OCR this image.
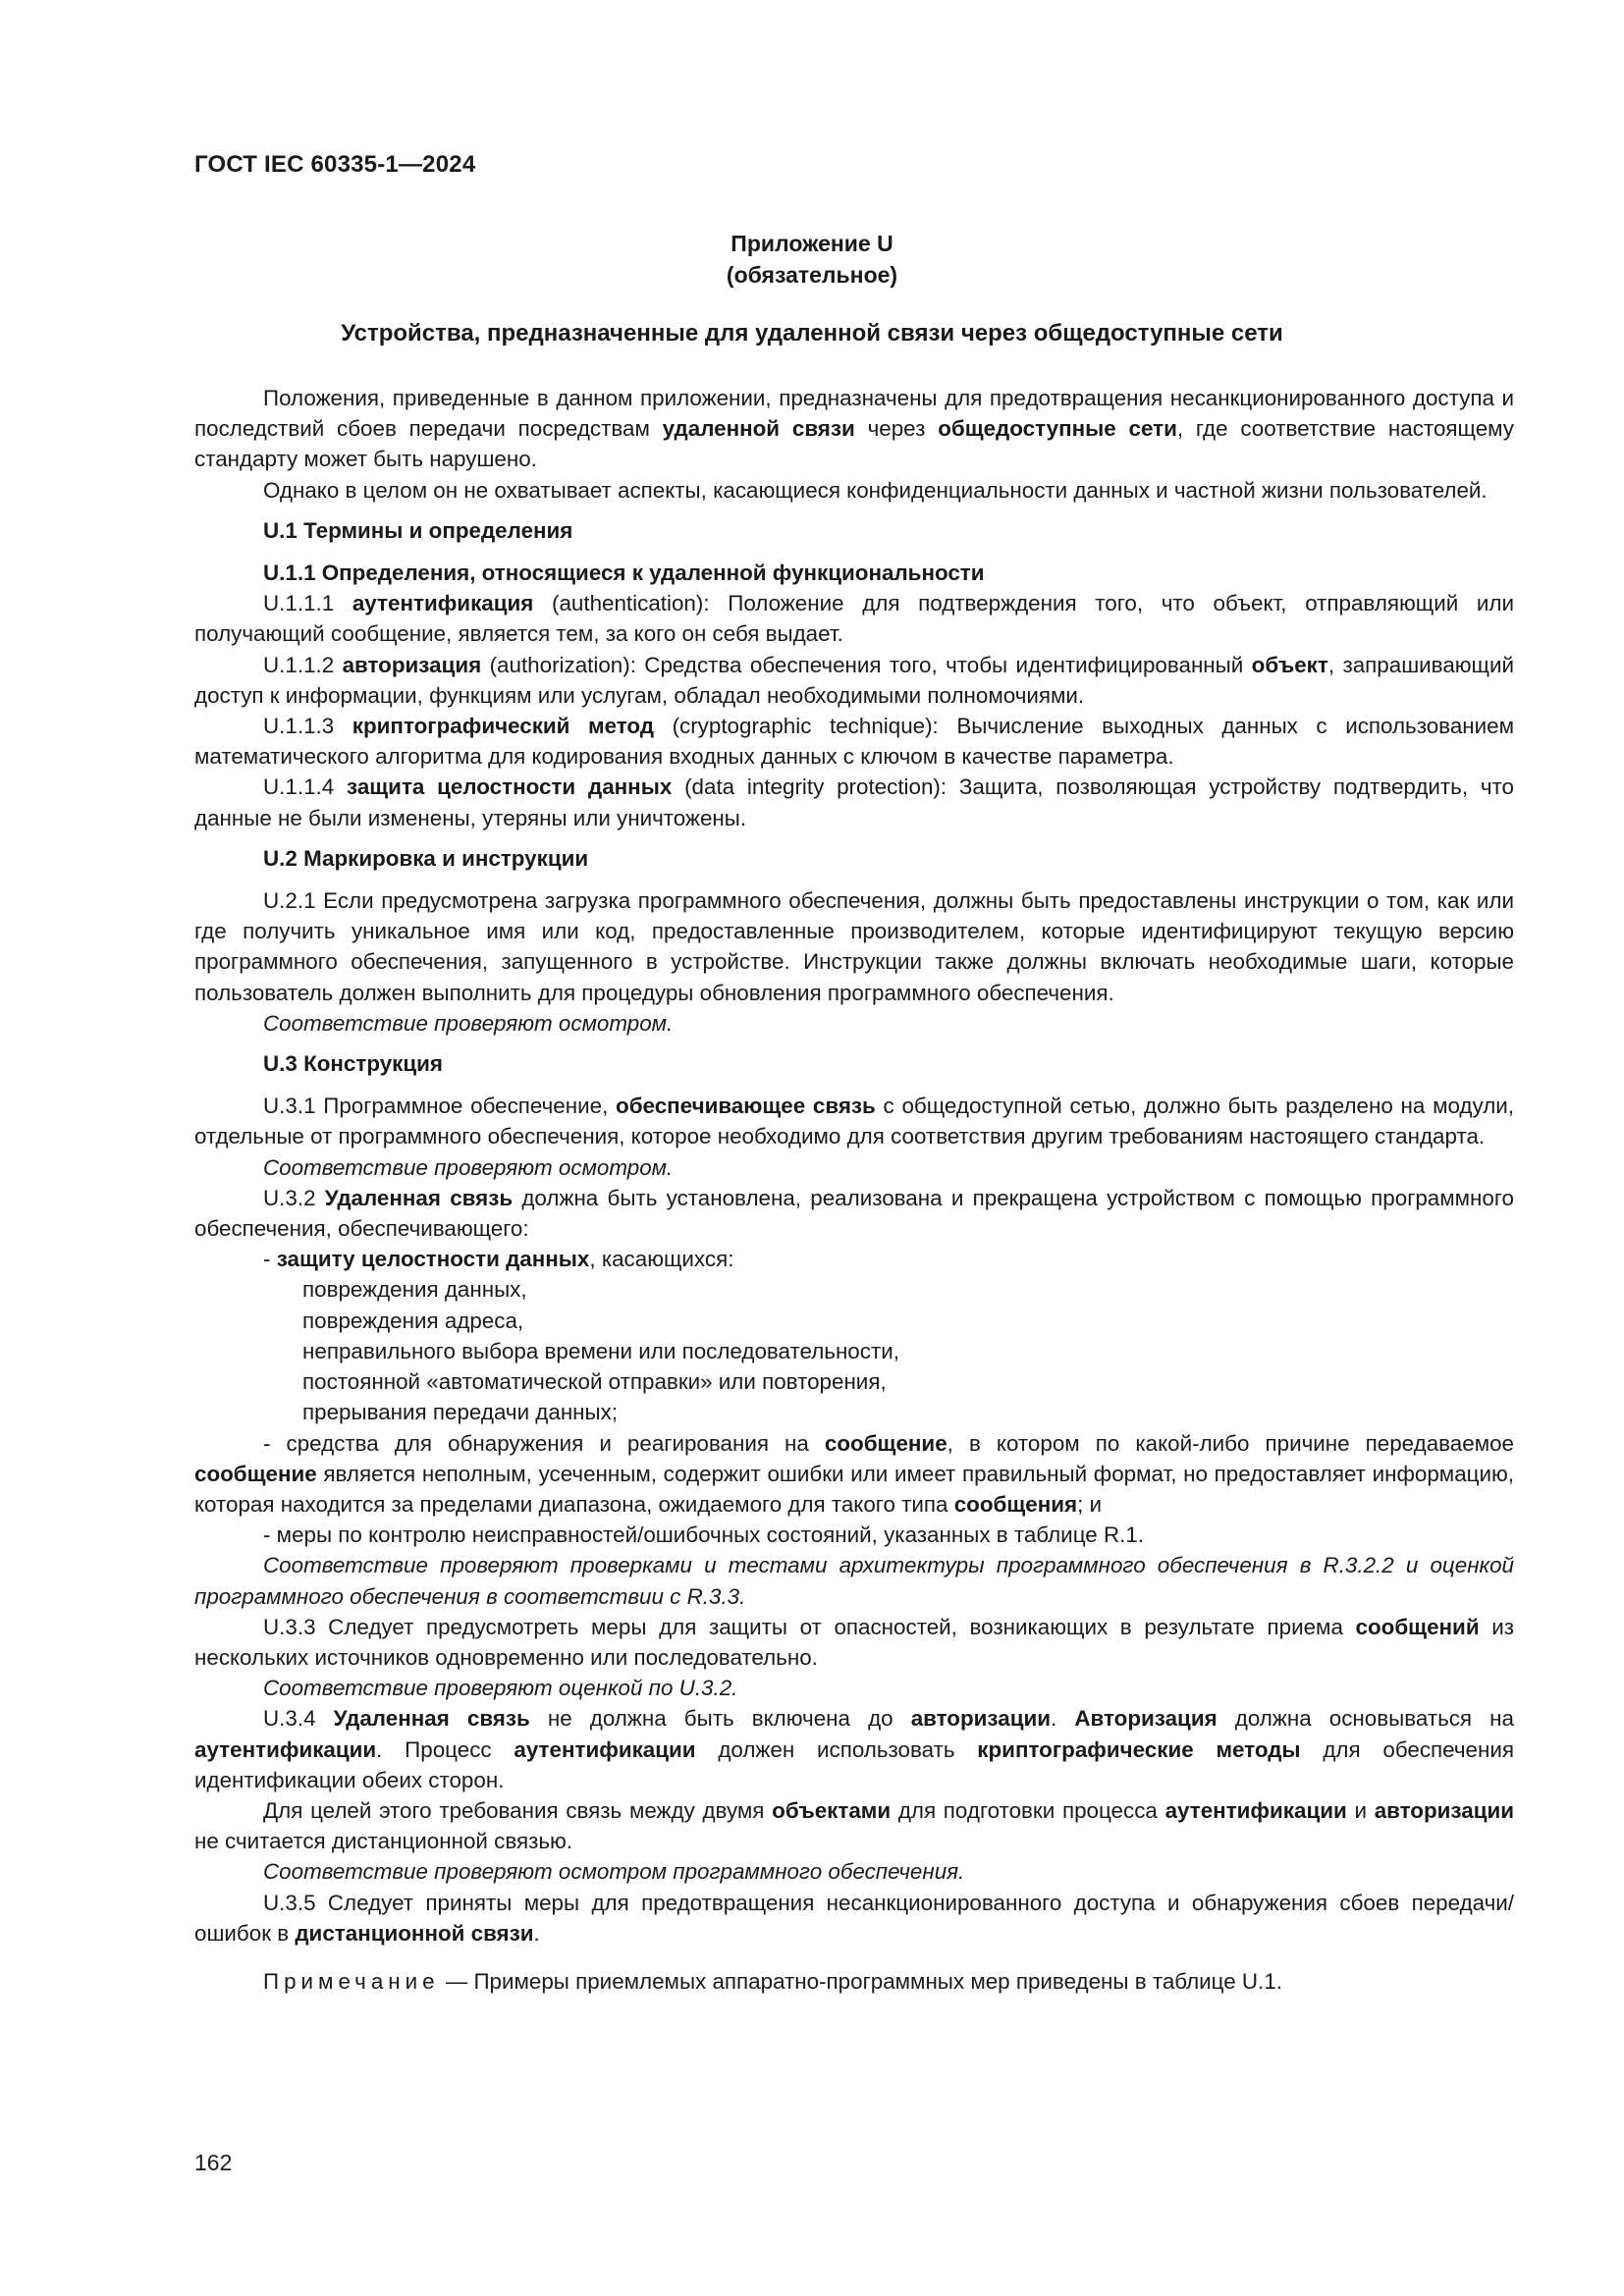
ГОСТ IEC 60335-1—2024
Приложение U
(обязательное)
Устройства, предназначенные для удаленной связи через общедоступные сети

Положения, приведенные в данном приложении, предназначены для предотвращения несанкционированного доступа и последствий сбоев передачи посредствам удаленной связи через общедоступные сети, где соответствие настоящему стандарту может быть нарушено.

Однако в целом он не охватывает аспекты, касающиеся конфиденциальности данных и частной жизни пользователей.

U.1 Термины и определения

U.1.1 Определения, относящиеся к удаленной функциональности

U.1.1.1 аутентификация (authentication): Положение для подтверждения того, что объект, отправляющий или получающий сообщение, является тем, за кого он себя выдает.

U.1.1.2 авторизация (authorization): Средства обеспечения того, чтобы идентифицированный объект, запрашивающий доступ к информации, функциям или услугам, обладал необходимыми полномочиями.

U.1.1.3 криптографический метод (cryptographic technique): Вычисление выходных данных с использованием математического алгоритма для кодирования входных данных с ключом в качестве параметра.

U.1.1.4 защита целостности данных (data integrity protection): Защита, позволяющая устройству подтвердить, что данные не были изменены, утеряны или уничтожены.

U.2 Маркировка и инструкции

U.2.1 Если предусмотрена загрузка программного обеспечения, должны быть предоставлены инструкции о том, как или где получить уникальное имя или код, предоставленные производителем, которые идентифицируют текущую версию программного обеспечения, запущенного в устройстве. Инструкции также должны включать необходимые шаги, которые пользователь должен выполнить для процедуры обновления программного обеспечения.

Соответствие проверяют осмотром.

U.3 Конструкция

U.3.1 Программное обеспечение, обеспечивающее связь с общедоступной сетью, должно быть разделено на модули, отдельные от программного обеспечения, которое необходимо для соответствия другим требованиям настоящего стандарта.

Соответствие проверяют осмотром.

U.3.2 Удаленная связь должна быть установлена, реализована и прекращена устройством с помощью программного обеспечения, обеспечивающего:

- защиту целостности данных, касающихся:

повреждения данных,

повреждения адреса,

неправильного выбора времени или последовательности,

постоянной «автоматической отправки» или повторения,

прерывания передачи данных;

- средства для обнаружения и реагирования на сообщение, в котором по какой-либо причине передаваемое сообщение является неполным, усеченным, содержит ошибки или имеет правильный формат, но предоставляет информацию, которая находится за пределами диапазона, ожидаемого для такого типа сообщения; и

- меры по контролю неисправностей/ошибочных состояний, указанных в таблице R.1.

Соответствие проверяют проверками и тестами архитектуры программного обеспечения в R.3.2.2 и оценкой программного обеспечения в соответствии с R.3.3.

U.3.3 Следует предусмотреть меры для защиты от опасностей, возникающих в результате приема сообщений из нескольких источников одновременно или последовательно.

Соответствие проверяют оценкой по U.3.2.

U.3.4 Удаленная связь не должна быть включена до авторизации. Авторизация должна основываться на аутентификации. Процесс аутентификации должен использовать криптографические методы для обеспечения идентификации обеих сторон.

Для целей этого требования связь между двумя объектами для подготовки процесса аутентификации и авторизации не считается дистанционной связью.

Соответствие проверяют осмотром программного обеспечения.

U.3.5 Следует приняты меры для предотвращения несанкционированного доступа и обнаружения сбоев передачи/ошибок в дистанционной связи.

Примечание — Примеры приемлемых аппаратно-программных мер приведены в таблице U.1.

162
